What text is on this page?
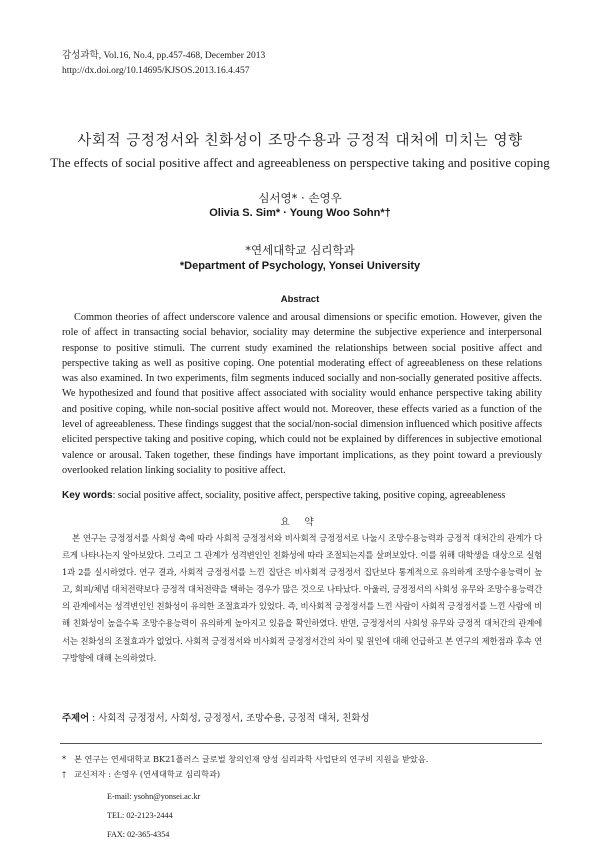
감성과학, Vol.16, No.4, pp.457-468, December 2013
http://dx.doi.org/10.14695/KJSOS.2013.16.4.457
사회적 긍정정서와 친화성이 조망수용과 긍정적 대처에 미치는 영향
The effects of social positive affect and agreeableness on perspective taking and positive coping
심서영* · 손영우
Olivia S. Sim* · Young Woo Sohn*†
*연세대학교 심리학과
*Department of Psychology, Yonsei University
Abstract
Common theories of affect underscore valence and arousal dimensions or specific emotion. However, given the role of affect in transacting social behavior, sociality may determine the subjective experience and interpersonal response to positive stimuli. The current study examined the relationships between social positive affect and perspective taking as well as positive coping. One potential moderating effect of agreeableness on these relations was also examined. In two experiments, film segments induced socially and non-socially generated positive affects. We hypothesized and found that positive affect associated with sociality would enhance perspective taking ability and positive coping, while non-social positive affect would not. Moreover, these effects varied as a function of the level of agreeableness. These findings suggest that the social/non-social dimension influenced which positive affects elicited perspective taking and positive coping, which could not be explained by differences in subjective emotional valence or arousal. Taken together, these findings have important implications, as they point toward a previously overlooked relation linking sociality to positive affect.
Key words: social positive affect, sociality, positive affect, perspective taking, positive coping, agreeableness
요 약
본 연구는 긍정정서를 사회성 축에 따라 사회적 긍정정서와 비사회적 긍정정서로 나눌시 조망수용능력과 긍정적 대처간의 관계가 다르게 나타나는지 알아보았다. 그리고 그 관계가 성격변인인 친화성에 따라 조절되는지를 살펴보았다. 이를 위해 대학생을 대상으로 실험 1과 2를 실시하였다. 연구 결과, 사회적 긍정정서를 느낀 집단은 비사회적 긍정정서 집단보다 통계적으로 유의하게 조망수용능력이 높고, 회피/체념 대처전략보다 긍정적 대처전략을 택하는 경우가 많은 것으로 나타났다. 아울러, 긍정정서의 사회성 유무와 조망수용능력간의 관계에서는 성격변인인 친화성이 유의한 조절효과가 있었다. 즉, 비사회적 긍정정서를 느낀 사람이 사회적 긍정정서를 느낀 사람에 비해 친화성이 높을수록 조망수용능력이 유의하게 높아지고 있음을 확인하였다. 반면, 긍정정서의 사회성 유무와 긍정적 대처간의 관계에서는 친화성의 조절효과가 없었다. 사회적 긍정정서와 비사회적 긍정정서간의 차이 및 원인에 대해 언급하고 본 연구의 제한점과 후속 연구방향에 대해 논의하였다.
주제어 : 사회적 긍정정서, 사회성, 긍정정서, 조망수용, 긍정적 대처, 친화성
* 본 연구는 연세대학교 BK21플러스 글로벌 창의인재 양성 심리과학 사업단의 연구비 지원을 받았음.
† 교신저자 : 손영우 (연세대학교 심리학과)
E-mail: ysohn@yonsei.ac.kr
TEL: 02-2123-2444
FAX: 02-365-4354
